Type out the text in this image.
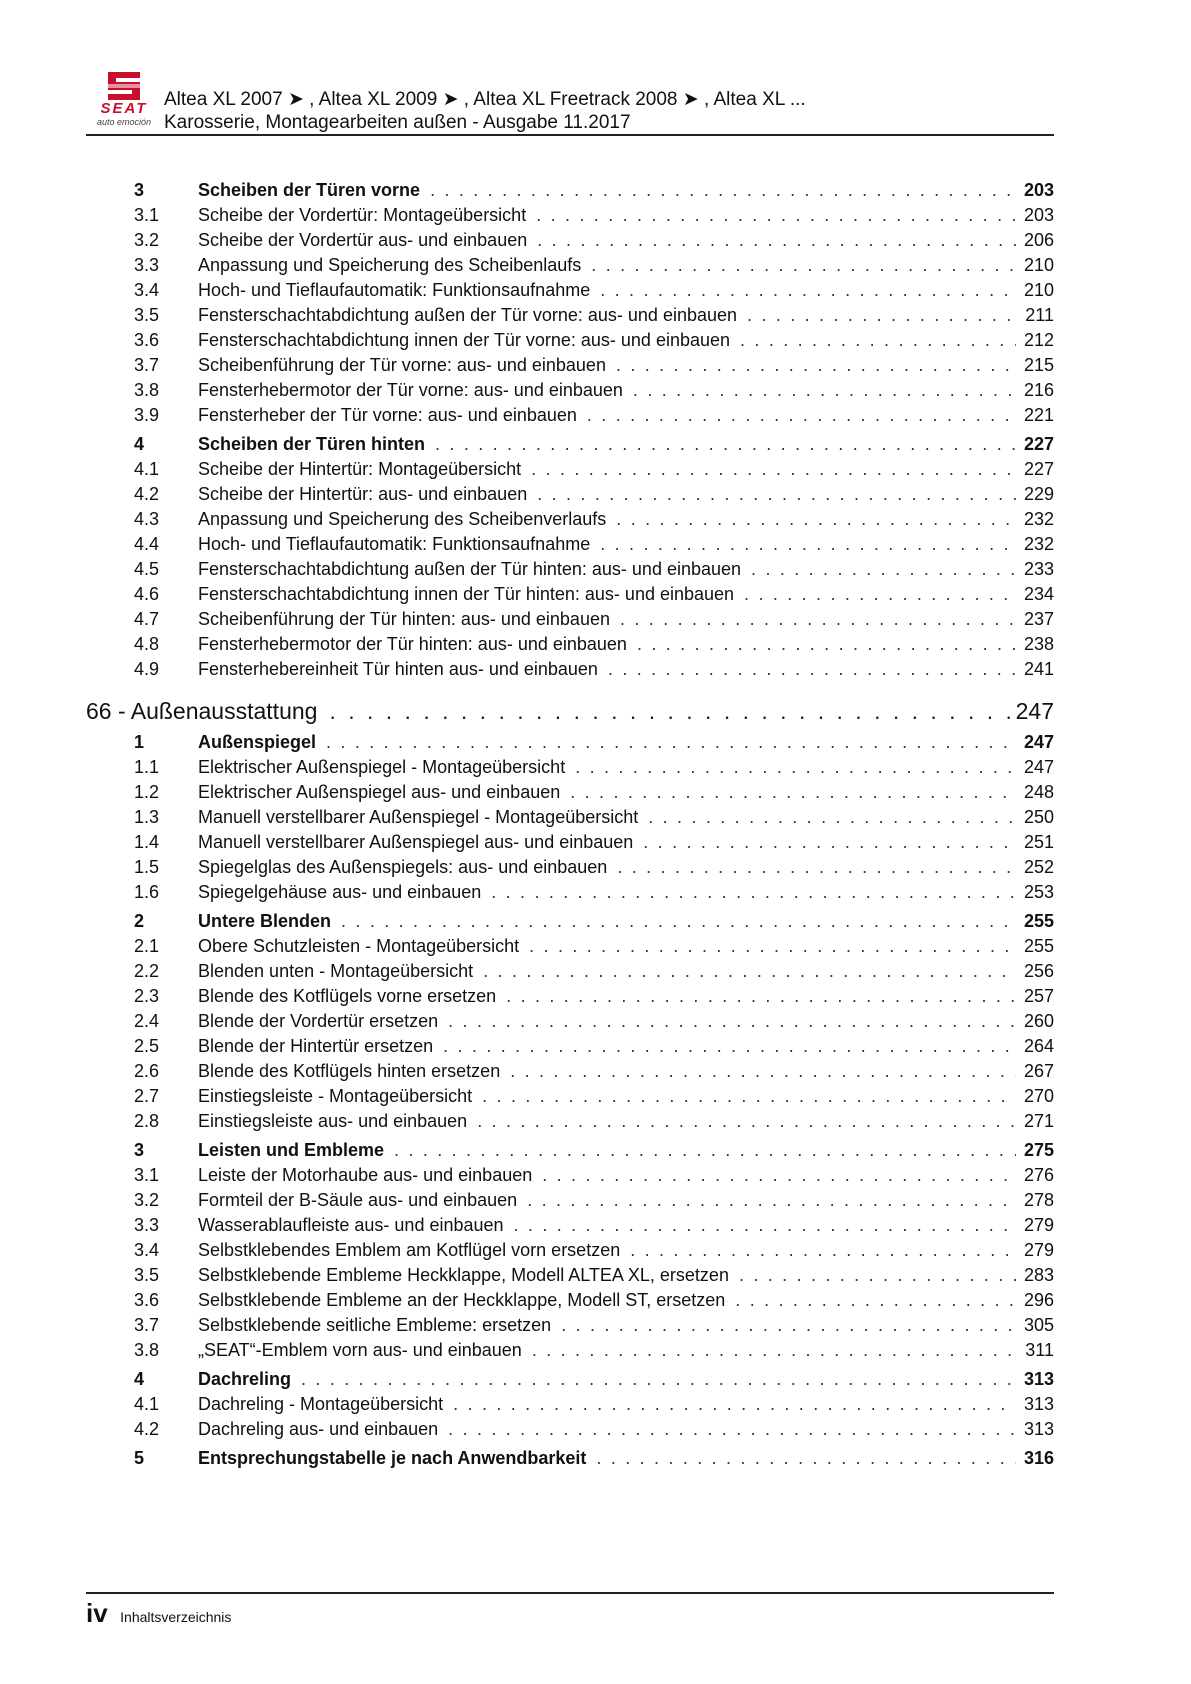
SEAT
auto emoción
Altea XL 2007 ➤ , Altea XL 2009 ➤ , Altea XL Freetrack 2008 ➤ , Altea XL ...
Karosserie, Montagearbeiten außen - Ausgabe 11.2017
3	Scheiben der Türen vorne . . .	203
3.1 Scheibe der Vordertür: Montageübersicht . . .	203
3.2 Scheibe der Vordertür aus- und einbauen . . .	206
3.3 Anpassung und Speicherung des Scheibenlaufs . . .	210
3.4 Hoch- und Tieflaufautomatik: Funktionsaufnahme . . .	210
3.5 Fensterschachtabdichtung außen der Tür vorne: aus- und einbauen . . .	211
3.6 Fensterschachtabdichtung innen der Tür vorne: aus- und einbauen . . .	212
3.7 Scheibenführung der Tür vorne: aus- und einbauen . . .	215
3.8 Fensterhebermotor der Tür vorne: aus- und einbauen . . .	216
3.9 Fensterheber der Tür vorne: aus- und einbauen . . .	221
4	Scheiben der Türen hinten . . .	227
4.1 Scheibe der Hintertür: Montageübersicht . . .	227
4.2 Scheibe der Hintertür: aus- und einbauen . . .	229
4.3 Anpassung und Speicherung des Scheibenverlaufs . . .	232
4.4 Hoch- und Tieflaufautomatik: Funktionsaufnahme . . .	232
4.5 Fensterschachtabdichtung außen der Tür hinten: aus- und einbauen . . .	233
4.6 Fensterschachtabdichtung innen der Tür hinten: aus- und einbauen . . .	234
4.7 Scheibenführung der Tür hinten: aus- und einbauen . . .	237
4.8 Fensterhebermotor der Tür hinten: aus- und einbauen . . .	238
4.9 Fensterhebereinheit Tür hinten aus- und einbauen . . .	241
66 - Außenausstattung . . .	247
1	Außenspiegel . . .	247
1.1 Elektrischer Außenspiegel - Montageübersicht . . .	247
1.2 Elektrischer Außenspiegel aus- und einbauen . . .	248
1.3 Manuell verstellbarer Außenspiegel - Montageübersicht . . .	250
1.4 Manuell verstellbarer Außenspiegel aus- und einbauen . . .	251
1.5 Spiegelglas des Außenspiegels: aus- und einbauen . . .	252
1.6 Spiegelgehäuse aus- und einbauen . . .	253
2	Untere Blenden . . .	255
2.1 Obere Schutzleisten - Montageübersicht . . .	255
2.2 Blenden unten - Montageübersicht . . .	256
2.3 Blende des Kotflügels vorne ersetzen . . .	257
2.4 Blende der Vordertür ersetzen . . .	260
2.5 Blende der Hintertür ersetzen . . .	264
2.6 Blende des Kotflügels hinten ersetzen . . .	267
2.7 Einstiegsleiste - Montageübersicht . . .	270
2.8 Einstiegsleiste aus- und einbauen . . .	271
3	Leisten und Embleme . . .	275
3.1 Leiste der Motorhaube aus- und einbauen . . .	276
3.2 Formteil der B-Säule aus- und einbauen . . .	278
3.3 Wasserablaufleiste aus- und einbauen . . .	279
3.4 Selbstklebendes Emblem am Kotflügel vorn ersetzen . . .	279
3.5 Selbstklebende Embleme Heckklappe, Modell ALTEA XL, ersetzen . . .	283
3.6 Selbstklebende Embleme an der Heckklappe, Modell ST, ersetzen . . .	296
3.7 Selbstklebende seitliche Embleme: ersetzen . . .	305
3.8 „SEAT“-Emblem vorn aus- und einbauen . . .	311
4	Dachreling . . .	313
4.1 Dachreling - Montageübersicht . . .	313
4.2 Dachreling aus- und einbauen . . .	313
5	Entsprechungstabelle je nach Anwendbarkeit . . .	316
iv Inhaltsverzeichnis
